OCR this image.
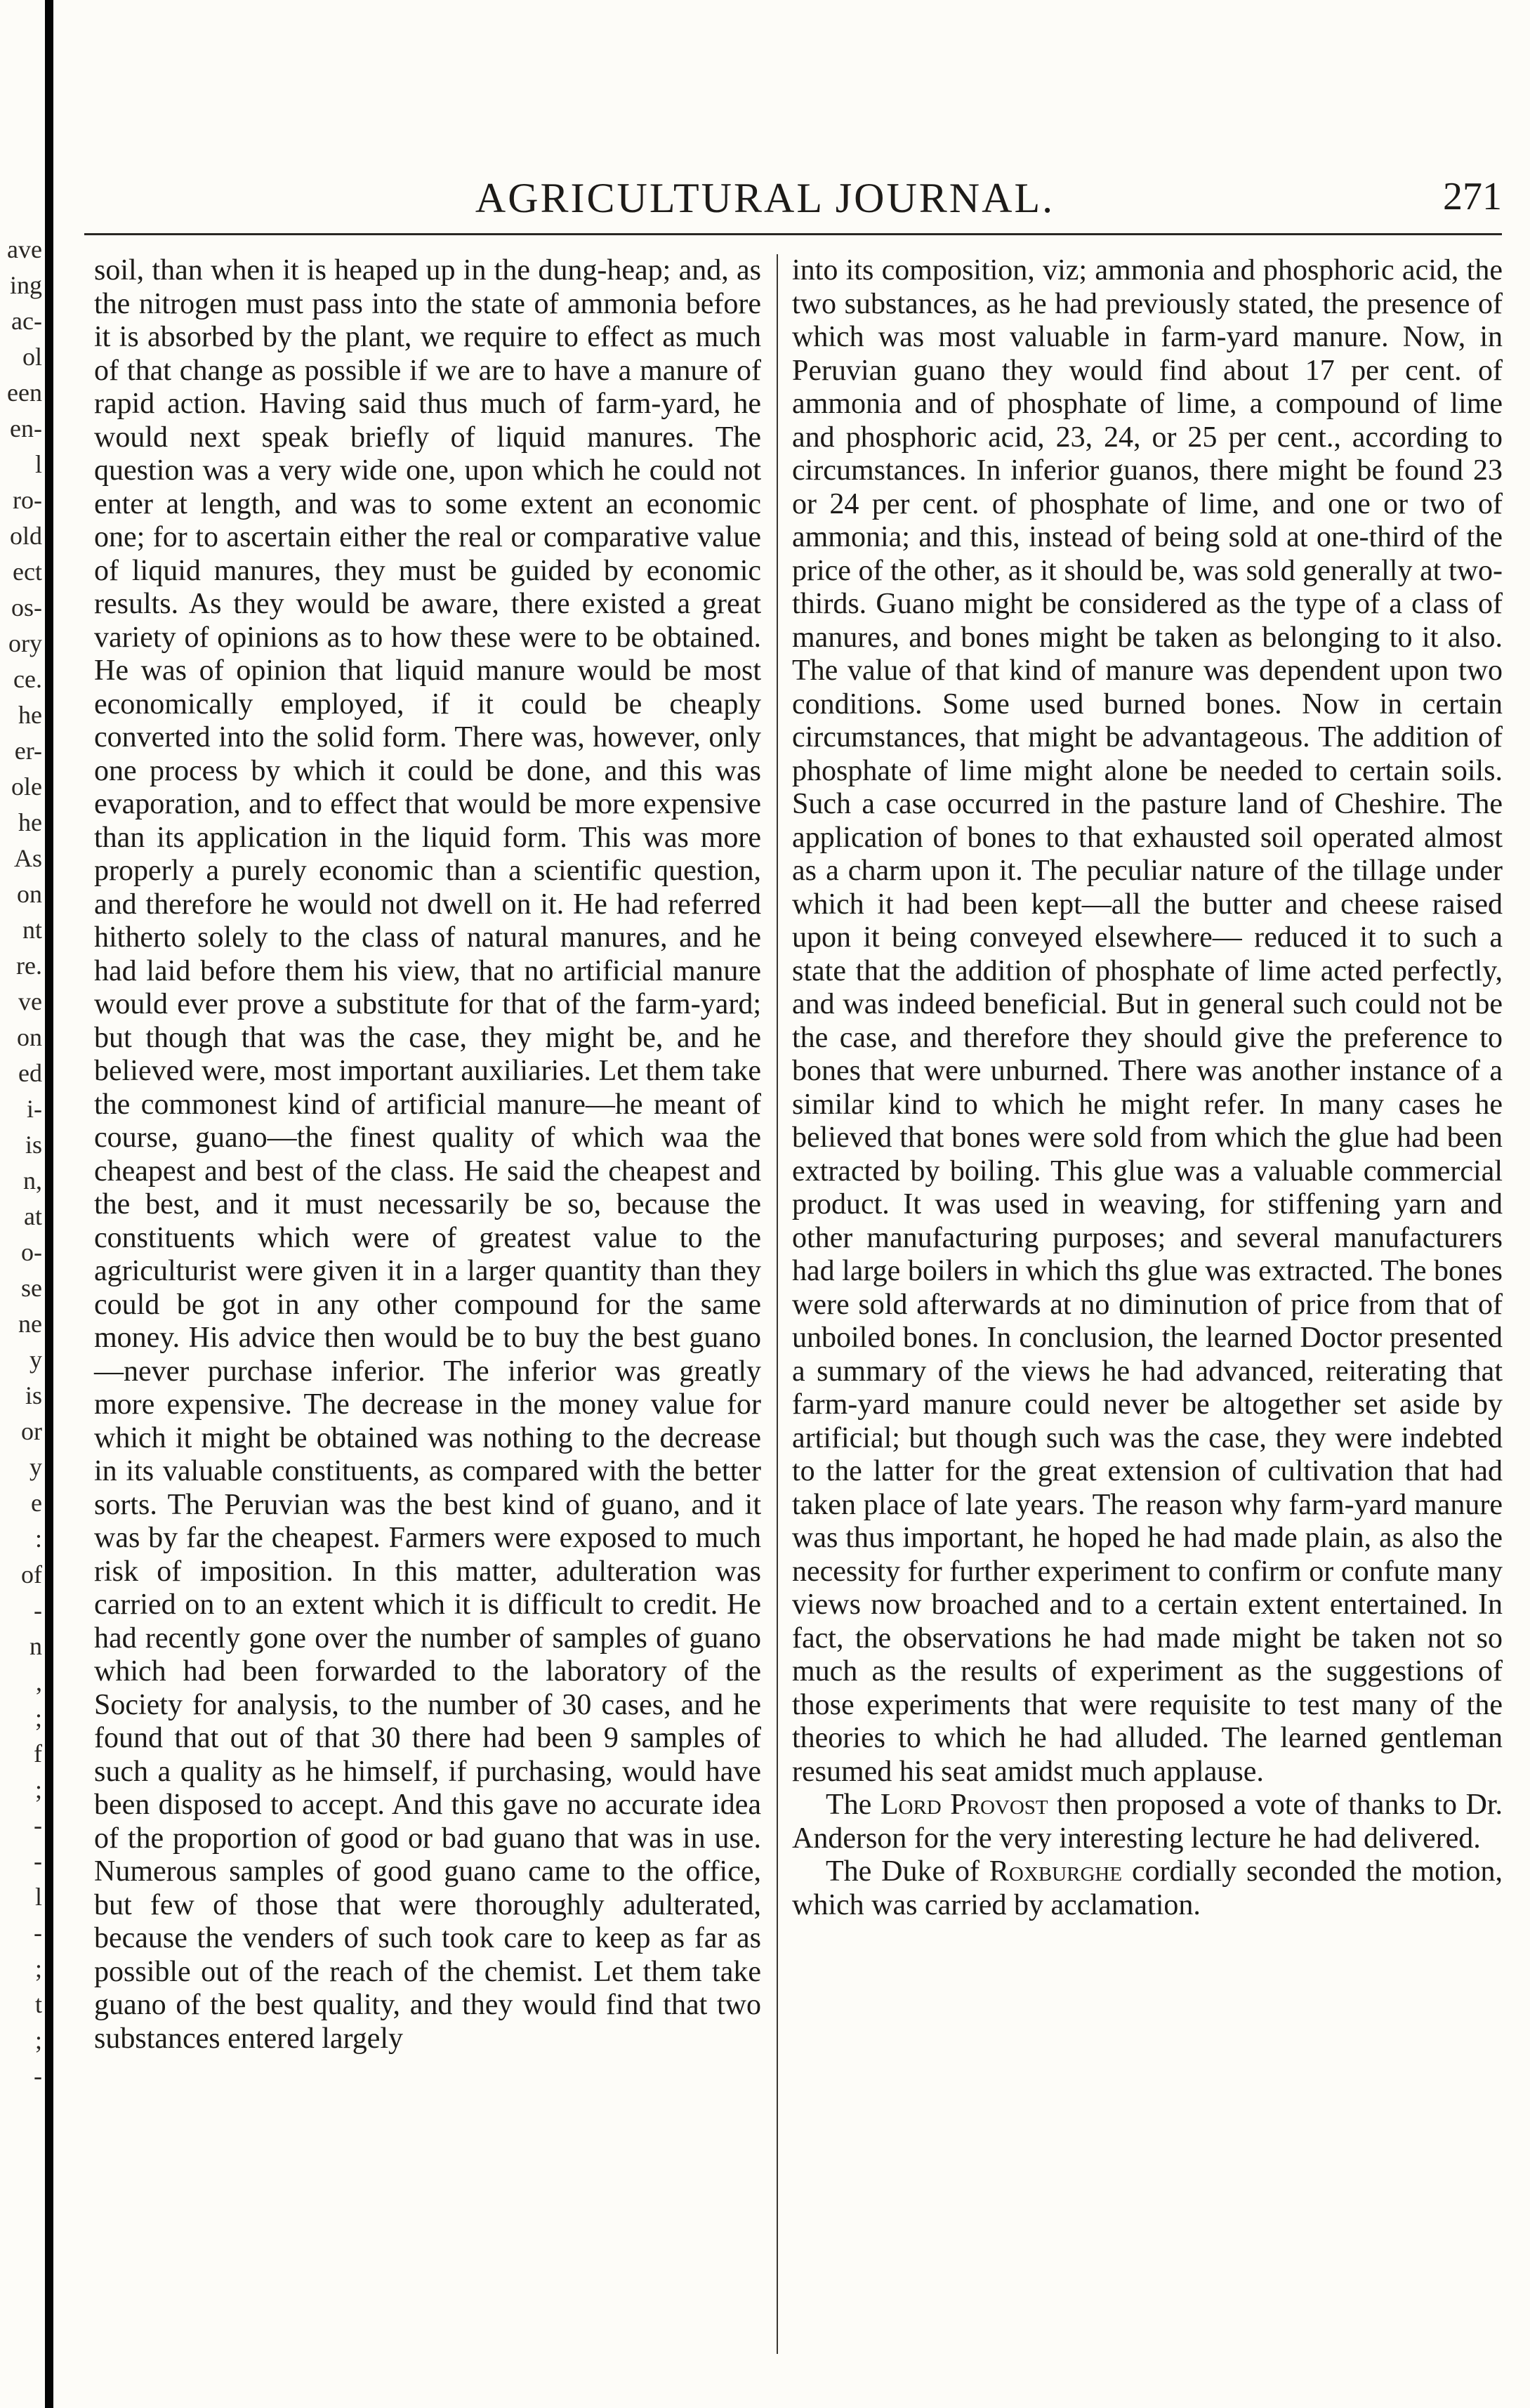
ave
ing
ac-
ol
een
en-
l
ro-
old
ect
os-
ory
ce.
he
er-
ole
he
As
on
nt
re.
ve
on
ed
i-
is
n,
at
o-
se
ne
y
is
or
y
e
:
of
-
n
,
;
f
;
-
-
l
-
;
t
;
-
AGRICULTURAL JOURNAL.	271

soil, than when it is heaped up in the dung-heap; and, as the nitrogen must pass into the state of ammonia before it is absorbed by the plant, we require to effect as much of that change as possible if we are to have a manure of rapid action. Having said thus much of farm-yard, he would next speak briefly of liquid manures. The question was a very wide one, upon which he could not enter at length, and was to some extent an economic one; for to ascertain either the real or comparative value of liquid manures, they must be guided by economic results. As they would be aware, there existed a great variety of opinions as to how these were to be obtained. He was of opinion that liquid manure would be most economically employed, if it could be cheaply converted into the solid form. There was, however, only one process by which it could be done, and this was evaporation, and to effect that would be more expensive than its application in the liquid form. This was more properly a purely economic than a scientific question, and therefore he would not dwell on it. He had referred hitherto solely to the class of natural manures, and he had laid before them his view, that no artificial manure would ever prove a substitute for that of the farm-yard; but though that was the case, they might be, and he believed were, most important auxiliaries. Let them take the commonest kind of artificial manure—he meant of course, guano—the finest quality of which waa the cheapest and best of the class. He said the cheapest and the best, and it must necessarily be so, because the constituents which were of greatest value to the agriculturist were given it in a larger quantity than they could be got in any other compound for the same money. His advice then would be to buy the best guano—never purchase inferior. The inferior was greatly more expensive. The decrease in the money value for which it might be obtained was nothing to the decrease in its valuable constituents, as compared with the better sorts. The Peruvian was the best kind of guano, and it was by far the cheapest. Farmers were exposed to much risk of imposition. In this matter, adulteration was carried on to an extent which it is difficult to credit. He had recently gone over the number of samples of guano which had been forwarded to the laboratory of the Society for analysis, to the number of 30 cases, and he found that out of that 30 there had been 9 samples of such a quality as he himself, if purchasing, would have been disposed to accept. And this gave no accurate idea of the proportion of good or bad guano that was in use. Numerous samples of good guano came to the office, but few of those that were thoroughly adulterated, because the venders of such took care to keep as far as possible out of the reach of the chemist. Let them take guano of the best quality, and they would find that two substances entered largely

into its composition, viz; ammonia and phosphoric acid, the two substances, as he had previously stated, the presence of which was most valuable in farm-yard manure. Now, in Peruvian guano they would find about 17 per cent. of ammonia and of phosphate of lime, a compound of lime and phosphoric acid, 23, 24, or 25 per cent., according to circumstances. In inferior guanos, there might be found 23 or 24 per cent. of phosphate of lime, and one or two of ammonia; and this, instead of being sold at one-third of the price of the other, as it should be, was sold generally at two-thirds. Guano might be considered as the type of a class of manures, and bones might be taken as belonging to it also. The value of that kind of manure was dependent upon two conditions. Some used burned bones. Now in certain circumstances, that might be advantageous. The addition of phosphate of lime might alone be needed to certain soils. Such a case occurred in the pasture land of Cheshire. The application of bones to that exhausted soil operated almost as a charm upon it. The peculiar nature of the tillage under which it had been kept—all the butter and cheese raised upon it being conveyed elsewhere— reduced it to such a state that the addition of phosphate of lime acted perfectly, and was indeed beneficial. But in general such could not be the case, and therefore they should give the preference to bones that were unburned. There was another instance of a similar kind to which he might refer. In many cases he believed that bones were sold from which the glue had been extracted by boiling. This glue was a valuable commercial product. It was used in weaving, for stiffening yarn and other manufacturing purposes; and several manufacturers had large boilers in which ths glue was extracted. The bones were sold afterwards at no diminution of price from that of unboiled bones. In conclusion, the learned Doctor presented a summary of the views he had advanced, reiterating that farm-yard manure could never be altogether set aside by artificial; but though such was the case, they were indebted to the latter for the great extension of cultivation that had taken place of late years. The reason why farm-yard manure was thus important, he hoped he had made plain, as also the necessity for further experiment to confirm or confute many views now broached and to a certain extent entertained. In fact, the observations he had made might be taken not so much as the results of experiment as the suggestions of those experiments that were requisite to test many of the theories to which he had alluded. The learned gentleman resumed his seat amidst much applause.

The Lord Provost then proposed a vote of thanks to Dr. Anderson for the very interesting lecture he had delivered.

The Duke of Roxburghe cordially seconded the motion, which was carried by acclamation.
